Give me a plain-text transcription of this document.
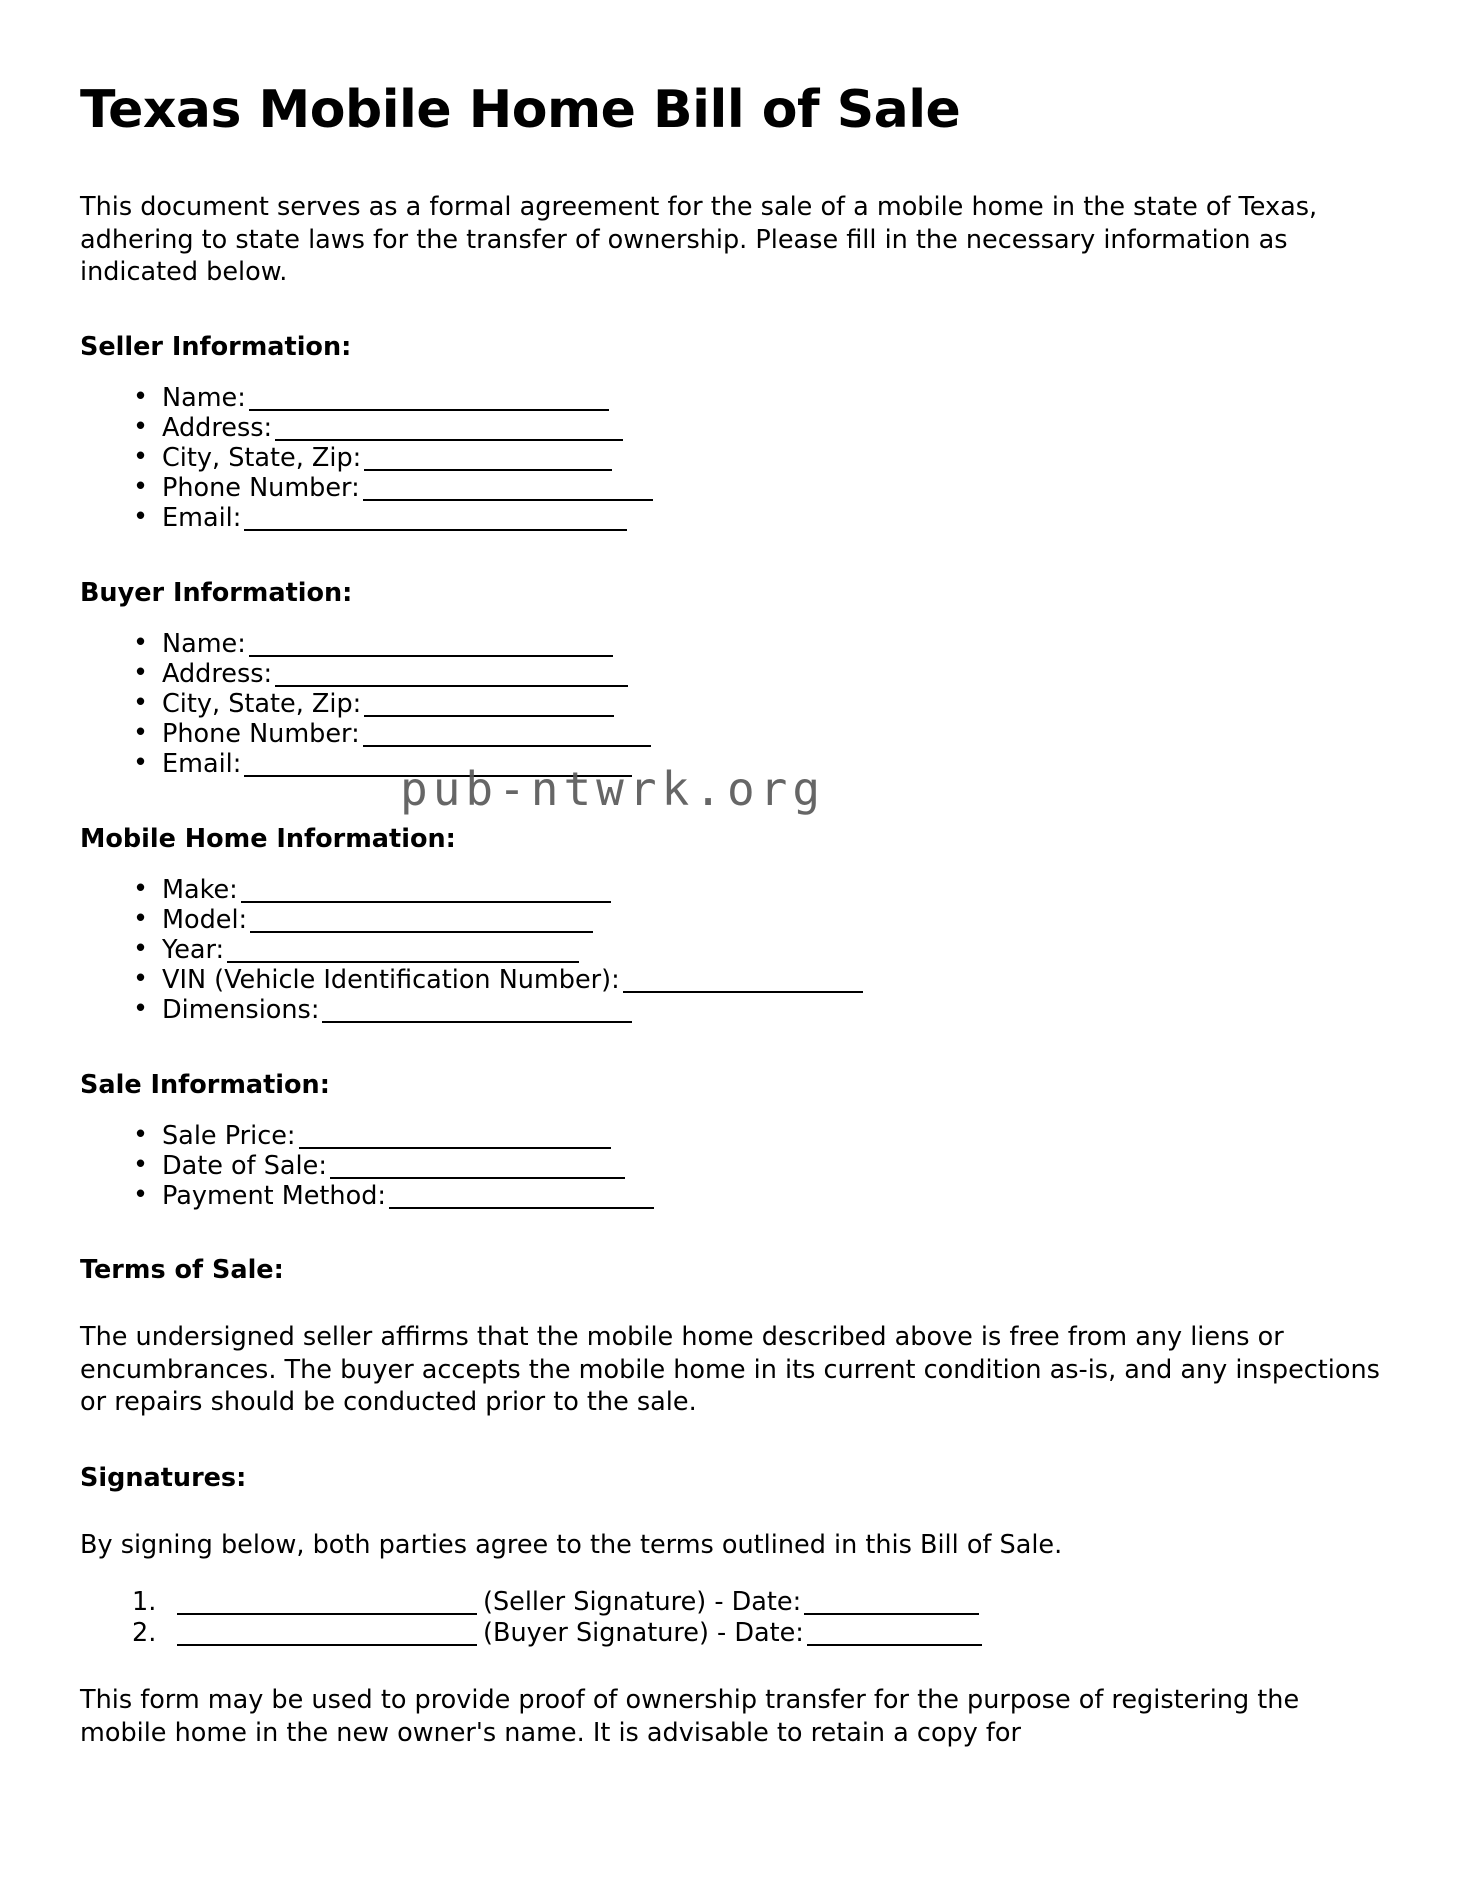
Texas Mobile Home Bill of Sale

This document serves as a formal agreement for the sale of a mobile home in the state of Texas, adhering to state laws for the transfer of ownership. Please fill in the necessary information as indicated below.

Seller Information:
• Name:
• Address:
• City, State, Zip:
• Phone Number:
• Email:
Buyer Information:
• Name:
• Address:
• City, State, Zip:
• Phone Number:
• Email:
Mobile Home Information:
• Make:
• Model:
• Year:
• VIN (Vehicle Identification Number):
• Dimensions:
Sale Information:
• Sale Price:
• Date of Sale:
• Payment Method:
Terms of Sale:

The undersigned seller affirms that the mobile home described above is free from any liens or encumbrances. The buyer accepts the mobile home in its current condition as-is, and any inspections or repairs should be conducted prior to the sale.

Signatures:

By signing below, both parties agree to the terms outlined in this Bill of Sale.

(Seller Signature) - Date:
(Buyer Signature) - Date:

This form may be used to provide proof of ownership transfer for the purpose of registering the mobile home in the new owner's name. It is advisable to retain a copy for

pub-ntwrk.org
